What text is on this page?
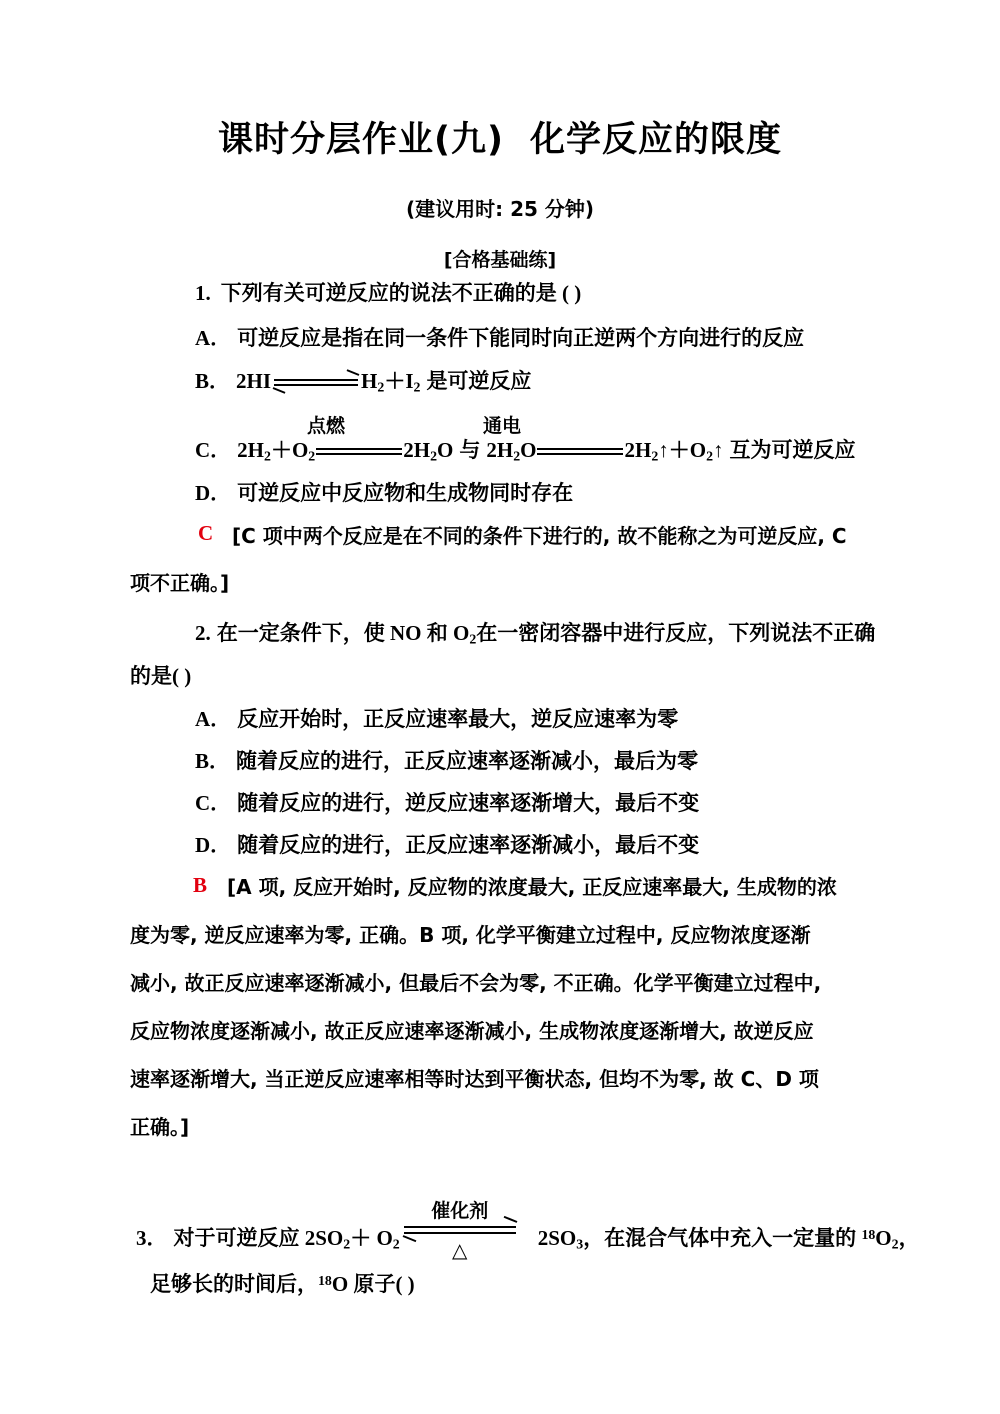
课时分层作业(九) 化学反应的限度
(建议用时: 25 分钟)
[合格基础练]
1. 下列有关可逆反应的说法不正确的是 ( )
A． 可逆反应是指在同一条件下能同时向正逆两个方向进行的反应
B． 2HI ⇌ $H_2+I_2$ 是可逆反应
点燃	通电
C． $2H_2+O_2$	$2H_2O$ 与 $2H_2O$	$2H_2↑+O_2↑$ 互为可逆反应
D． 可逆反应中反应物和生成物同时存在
C [C 项中两个反应是在不同的条件下进行的, 故不能称之为可逆反应, C
项不正确。]
2. 在一定条件下，使 NO 和 $O_2$在一密闭容器中进行反应，下列说法不正确
的是( )
A． 反应开始时，正反应速率最大，逆反应速率为零
B． 随着反应的进行，正反应速率逐渐减小，最后为零
C． 随着反应的进行，逆反应速率逐渐增大，最后不变
D． 随着反应的进行，正反应速率逐渐减小，最后不变
B [A 项, 反应开始时, 反应物的浓度最大, 正反应速率最大, 生成物的浓
度为零, 逆反应速率为零, 正确。B 项, 化学平衡建立过程中, 反应物浓度逐渐
减小, 故正反应速率逐渐减小, 但最后不会为零, 不正确。化学平衡建立过程中,
反应物浓度逐渐减小, 故正反应速率逐渐减小, 生成物浓度逐渐增大, 故逆反应
速率逐渐增大, 当正逆反应速率相等时达到平衡状态, 但均不为零, 故 C、D 项
正确。]
3． 对于可逆反应 $2SO_2+ O_2$
催化剂
△
$2SO_3$，在混合气体中充入一定量的 $^{18}O_2$，
足够长的时间后，$^{18}$O 原子( )
